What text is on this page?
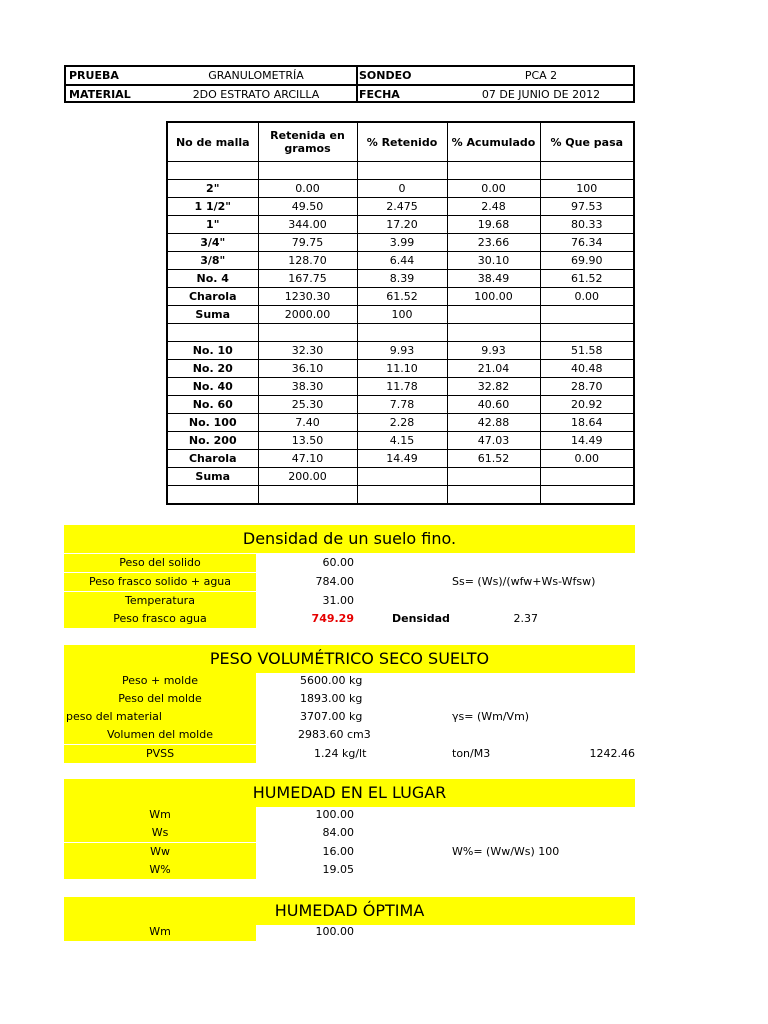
PRUEBA	GRANULOMETRÍA	SONDEO	PCA 2
MATERIAL	2DO ESTRATO ARCILLA	FECHA	07 DE JUNIO DE 2012
No de malla	Retenida en gramos	% Retenido	% Acumulado	% Que pasa

2"	0.00	0	0.00	100
1 1/2"	49.50	2.475	2.48	97.53
1"	344.00	17.20	19.68	80.33
3/4"	79.75	3.99	23.66	76.34
3/8"	128.70	6.44	30.10	69.90
No. 4	167.75	8.39	38.49	61.52
Charola	1230.30	61.52	100.00	0.00
Suma	2000.00	100		

No. 10	32.30	9.93	9.93	51.58
No. 20	36.10	11.10	21.04	40.48
No. 40	38.30	11.78	32.82	28.70
No. 60	25.30	7.78	40.60	20.92
No. 100	7.40	2.28	42.88	18.64
No. 200	13.50	4.15	47.03	14.49
Charola	47.10	14.49	61.52	0.00
Suma	200.00			

Densidad de un suelo fino.
Peso del solido	60.00
Peso frasco solido + agua	784.00	Ss= (Ws)/(wfw+Ws-Wfsw)
Temperatura	31.00
Peso frasco agua	749.29	Densidad	2.37
PESO VOLUMÉTRICO SECO SUELTO
Peso + molde	5600.00 kg
Peso del molde	1893.00 kg
peso del material	3707.00 kg	γs= (Wm/Vm)
Volumen del molde	2983.60 cm3
PVSS	1.24 kg/lt	ton/M3	1242.46
HUMEDAD EN EL LUGAR
Wm	100.00
Ws	84.00
Ww	16.00	W%= (Ww/Ws) 100
W%	19.05
HUMEDAD ÓPTIMA
Wm	100.00
